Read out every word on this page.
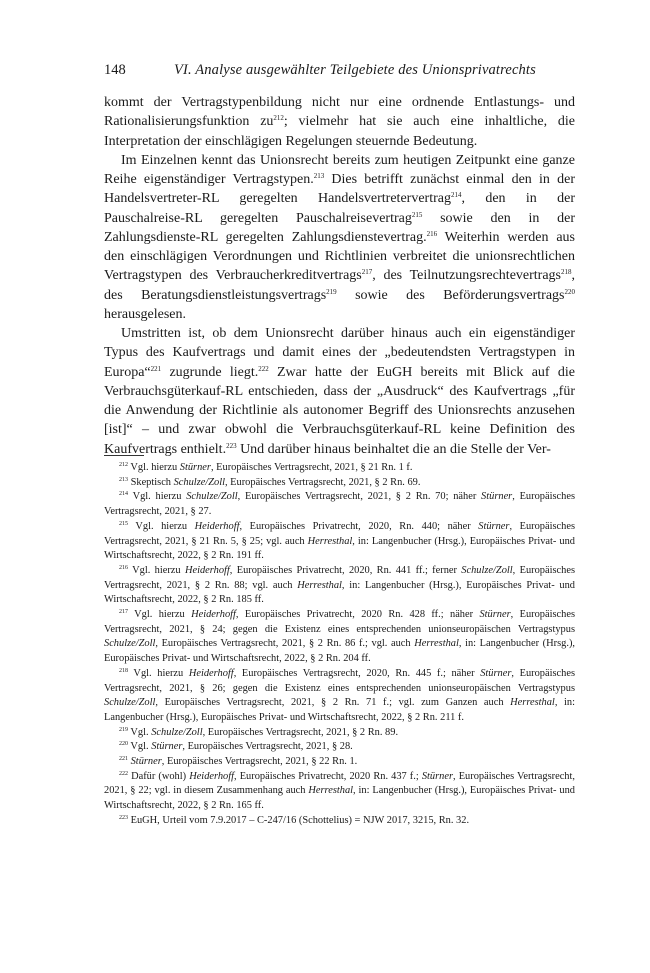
148	VI. Analyse ausgewählter Teilgebiete des Unionsprivatrechts

kommt der Vertragstypenbildung nicht nur eine ordnende Entlastungs- und Rationalisierungsfunktion $zu^{212}$; vielmehr hat sie auch eine inhaltliche, die Interpretation der einschlägigen Regelungen steuernde Bedeutung.

Im Einzelnen kennt das Unionsrecht bereits zum heutigen Zeitpunkt eine ganze Reihe eigenständiger Vertragstypen.$^{213}$ Dies betrifft zunächst einmal den in der Handelsvertreter-RL geregelten Handelsvertretervertrag$^{214}$, den in der Pauschalreise-RL geregelten Pauschalreisevertrag$^{215}$ sowie den in der Zahlungsdienste-RL geregelten Zahlungsdienstevertrag.$^{216}$ Weiterhin werden aus den einschlägigen Verordnungen und Richtlinien verbreitet die unionsrechtlichen Vertragstypen des Verbraucherkreditvertrags$^{217}$, des Teilnutzungsrechtevertrags$^{218}$, des Beratungsdienstleistungsvertrags$^{219}$ sowie des Beförderungsvertrags$^{220}$ herausgelesen.

Umstritten ist, ob dem Unionsrecht darüber hinaus auch ein eigenständiger Typus des Kaufvertrags und damit eines der „bedeutendsten Vertragstypen in Europa“$^{221}$ zugrunde liegt.$^{222}$ Zwar hatte der EuGH bereits mit Blick auf die Verbrauchsgüterkauf-RL entschieden, dass der „Ausdruck“ des Kaufvertrags „für die Anwendung der Richtlinie als autonomer Begriff des Unionsrechts anzusehen [ist]“ – und zwar obwohl die Verbrauchsgüterkauf-RL keine Definition des Kaufvertrags enthielt.$^{223}$ Und darüber hinaus beinhaltet die an die Stelle der Ver-

$^{212}$ Vgl. hierzu Stürner, Europäisches Vertragsrecht, 2021, § 21 Rn. 1 f.

$^{213}$ Skeptisch Schulze/Zoll, Europäisches Vertragsrecht, 2021, § 2 Rn. 69.

$^{214}$ Vgl. hierzu Schulze/Zoll, Europäisches Vertragsrecht, 2021, § 2 Rn. 70; näher Stürner, Europäisches Vertragsrecht, 2021, § 27.

$^{215}$ Vgl. hierzu Heiderhoff, Europäisches Privatrecht, 2020, Rn. 440; näher Stürner, Europäisches Vertragsrecht, 2021, § 21 Rn. 5, § 25; vgl. auch Herresthal, in: Langenbucher (Hrsg.), Europäisches Privat- und Wirtschaftsrecht, 2022, § 2 Rn. 191 ff.

$^{216}$ Vgl. hierzu Heiderhoff, Europäisches Privatrecht, 2020, Rn. 441 ff.; ferner Schulze/Zoll, Europäisches Vertragsrecht, 2021, § 2 Rn. 88; vgl. auch Herresthal, in: Langenbucher (Hrsg.), Europäisches Privat- und Wirtschaftsrecht, 2022, § 2 Rn. 185 ff.

$^{217}$ Vgl. hierzu Heiderhoff, Europäisches Privatrecht, 2020 Rn. 428 ff.; näher Stürner, Europäisches Vertragsrecht, 2021, § 24; gegen die Existenz eines entsprechenden unionseuropäischen Vertragstypus Schulze/Zoll, Europäisches Vertragsrecht, 2021, § 2 Rn. 86 f.; vgl. auch Herresthal, in: Langenbucher (Hrsg.), Europäisches Privat- und Wirtschaftsrecht, 2022, § 2 Rn. 204 ff.

$^{218}$ Vgl. hierzu Heiderhoff, Europäisches Vertragsrecht, 2020, Rn. 445 f.; näher Stürner, Europäisches Vertragsrecht, 2021, § 26; gegen die Existenz eines entsprechenden unionseuropäischen Vertragstypus Schulze/Zoll, Europäisches Vertragsrecht, 2021, § 2 Rn. 71 f.; vgl. zum Ganzen auch Herresthal, in: Langenbucher (Hrsg.), Europäisches Privat- und Wirtschaftsrecht, 2022, § 2 Rn. 211 f.

$^{219}$ Vgl. Schulze/Zoll, Europäisches Vertragsrecht, 2021, § 2 Rn. 89.

$^{220}$ Vgl. Stürner, Europäisches Vertragsrecht, 2021, § 28.

$^{221}$ Stürner, Europäisches Vertragsrecht, 2021, § 22 Rn. 1.

$^{222}$ Dafür (wohl) Heiderhoff, Europäisches Privatrecht, 2020 Rn. 437 f.; Stürner, Europäisches Vertragsrecht, 2021, § 22; vgl. in diesem Zusammenhang auch Herresthal, in: Langenbucher (Hrsg.), Europäisches Privat- und Wirtschaftsrecht, 2022, § 2 Rn. 165 ff.

$^{223}$ EuGH, Urteil vom 7.9.2017 – C-247/16 (Schottelius) = NJW 2017, 3215, Rn. 32.
